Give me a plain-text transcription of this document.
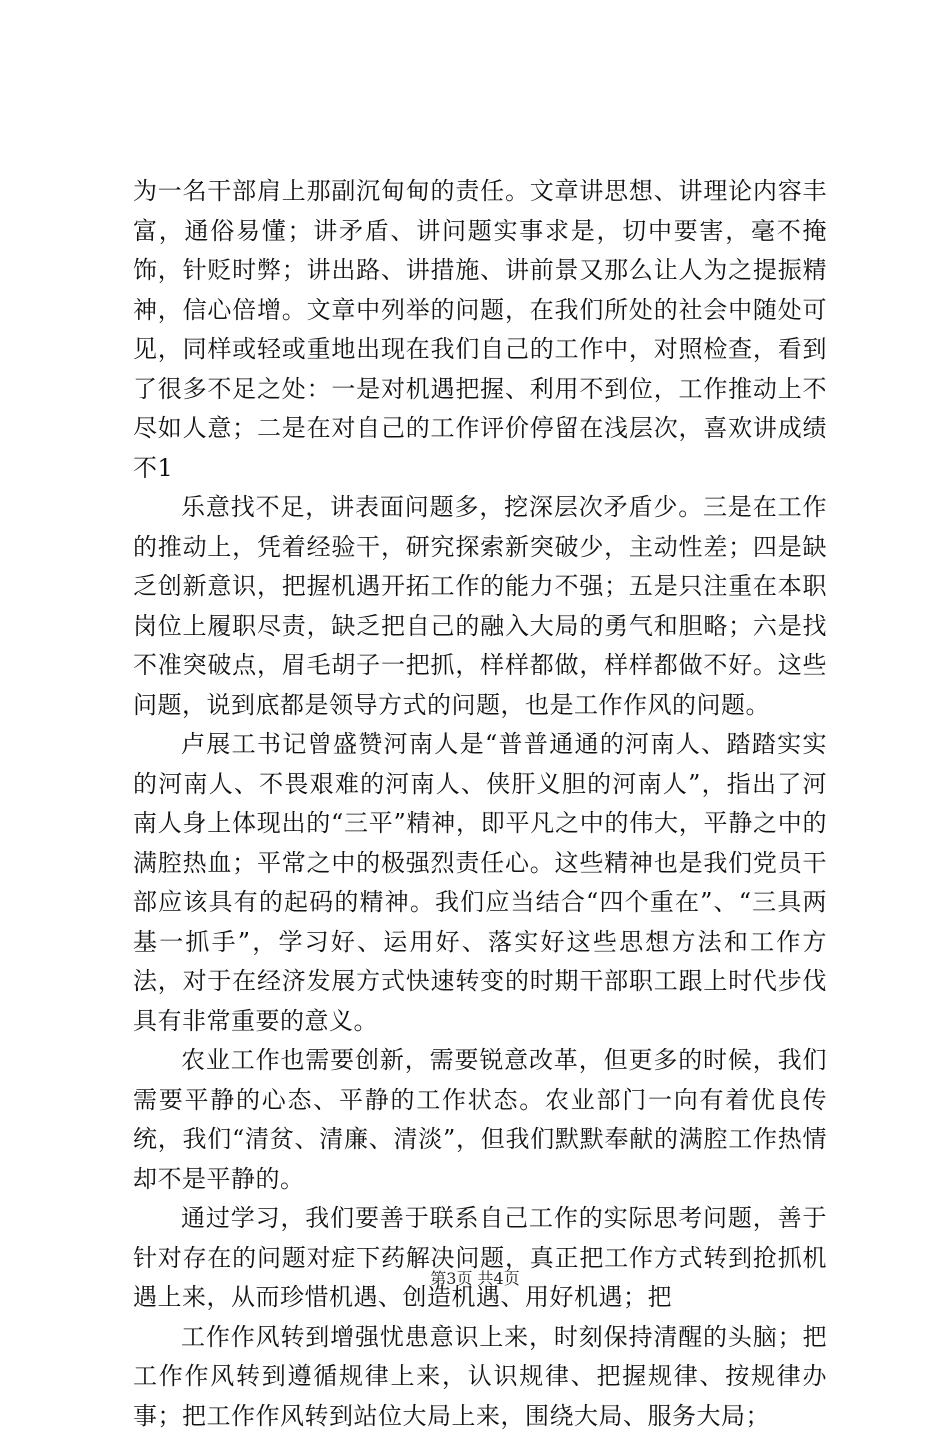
为一名干部肩上那副沉甸甸的责任。文章讲思想、讲理论内容丰富，通俗易懂；讲矛盾、讲问题实事求是，切中要害，毫不掩饰，针贬时弊；讲出路、讲措施、讲前景又那么让人为之提振精神，信心倍增。文章中列举的问题，在我们所处的社会中随处可见，同样或轻或重地出现在我们自己的工作中，对照检查，看到了很多不足之处：一是对机遇把握、利用不到位，工作推动上不尽如人意；二是在对自己的工作评价停留在浅层次，喜欢讲成绩不1

乐意找不足，讲表面问题多，挖深层次矛盾少。三是在工作的推动上，凭着经验干，研究探索新突破少，主动性差；四是缺乏创新意识，把握机遇开拓工作的能力不强；五是只注重在本职岗位上履职尽责，缺乏把自己的融入大局的勇气和胆略；六是找不准突破点，眉毛胡子一把抓，样样都做，样样都做不好。这些问题，说到底都是领导方式的问题，也是工作作风的问题。

卢展工书记曾盛赞河南人是“普普通通的河南人、踏踏实实的河南人、不畏艰难的河南人、侠肝义胆的河南人”，指出了河南人身上体现出的“三平”精神，即平凡之中的伟大，平静之中的满腔热血；平常之中的极强烈责任心。这些精神也是我们党员干部应该具有的起码的精神。我们应当结合“四个重在”、“三具两基一抓手”，学习好、运用好、落实好这些思想方法和工作方法，对于在经济发展方式快速转变的时期干部职工跟上时代步伐具有非常重要的意义。

农业工作也需要创新，需要锐意改革，但更多的时候，我们需要平静的心态、平静的工作状态。农业部门一向有着优良传统，我们“清贫、清廉、清淡”，但我们默默奉献的满腔工作热情却不是平静的。

通过学习，我们要善于联系自己工作的实际思考问题，善于针对存在的问题对症下药解决问题，真正把工作方式转到抢抓机遇上来，从而珍惜机遇、创造机遇、用好机遇；把

工作作风转到增强忧患意识上来，时刻保持清醒的头脑；把工作作风转到遵循规律上来，认识规律、把握规律、按规律办事；把工作作风转到站位大局上来，围绕大局、服务大局；

第3页 共4页
